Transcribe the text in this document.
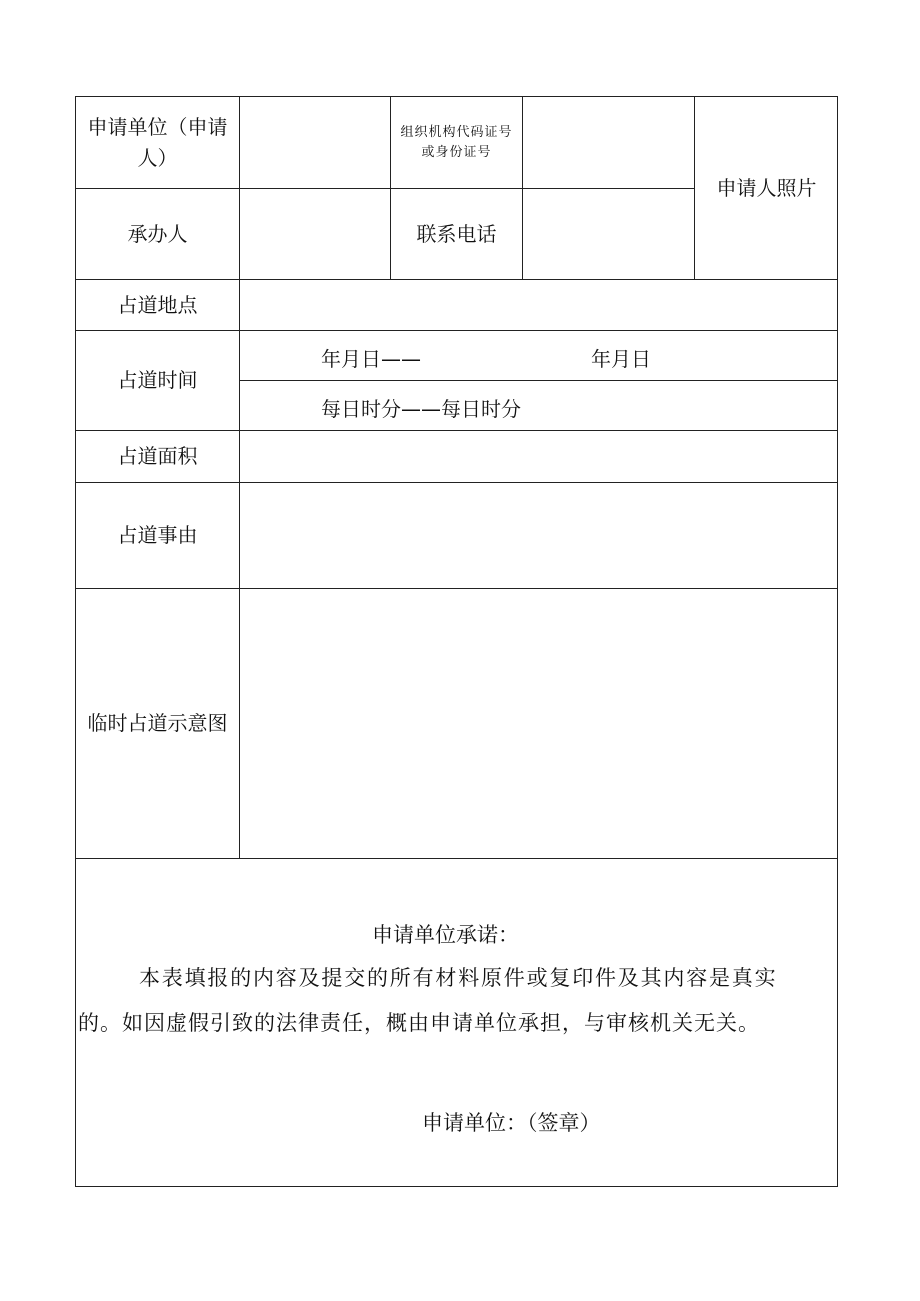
申请单位（申请人）
组织机构代码证号
或身份证号
申请人照片
承办人	联系电话
占道地点
占道时间
年月日——	年月日
每日时分——每日时分
占道面积
占道事由
临时占道示意图
申请单位承诺：
本表填报的内容及提交的所有材料原件或复印件及其内容是真实
的。如因虚假引致的法律责任，概由申请单位承担，与审核机关无关。
申请单位：（签章）
